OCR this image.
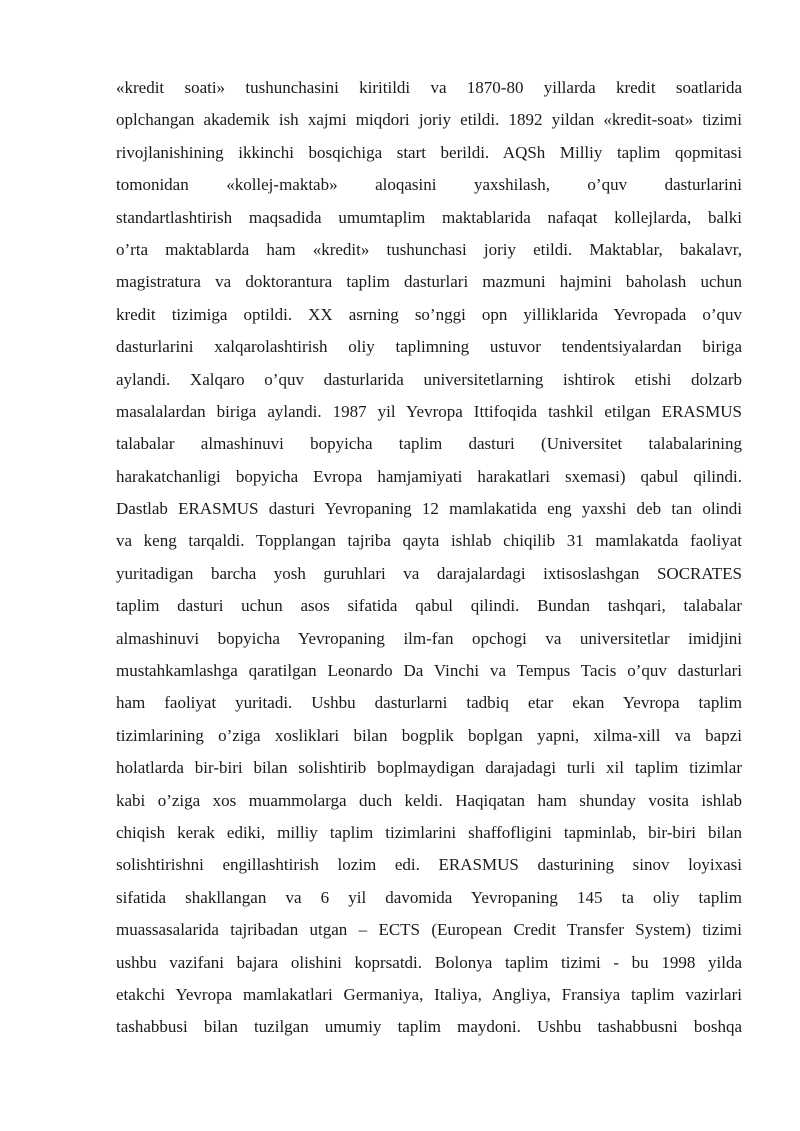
«kredit soati» tushunchasini kiritildi va 1870-80 yillarda kredit soatlarida
oplchangan akademik ish xajmi miqdori joriy etildi. 1892 yildan «kredit-soat» tizimi
rivojlanishining ikkinchi bosqichiga start berildi. AQSh Milliy taplim qopmitasi
tomonidan «kollej-maktab» aloqasini yaxshilash, o’quv dasturlarini
standartlashtirish maqsadida umumtaplim maktablarida nafaqat kollejlarda, balki
o’rta maktablarda ham «kredit» tushunchasi joriy etildi. Maktablar, bakalavr,
magistratura va doktorantura taplim dasturlari mazmuni hajmini baholash uchun
kredit tizimiga optildi. XX asrning so’nggi opn yilliklarida Yevropada o’quv
dasturlarini xalqarolashtirish oliy taplimning ustuvor tendentsiyalardan biriga
aylandi. Xalqaro o’quv dasturlarida universitetlarning ishtirok etishi dolzarb
masalalardan biriga aylandi. 1987 yil Yevropa Ittifoqida tashkil etilgan ERASMUS
talabalar almashinuvi bopyicha taplim dasturi (Universitet talabalarining
harakatchanligi bopyicha Evropa hamjamiyati harakatlari sxemasi) qabul qilindi.
Dastlab ERASMUS dasturi Yevropaning 12 mamlakatida eng yaxshi deb tan olindi
va keng tarqaldi. Topplangan tajriba qayta ishlab chiqilib 31 mamlakatda faoliyat
yuritadigan barcha yosh guruhlari va darajalardagi ixtisoslashgan SOCRATES
taplim dasturi uchun asos sifatida qabul qilindi. Bundan tashqari, talabalar
almashinuvi bopyicha Yevropaning ilm-fan opchogi va universitetlar imidjini
mustahkamlashga qaratilgan Leonardo Da Vinchi va Tempus Tacis o’quv dasturlari
ham faoliyat yuritadi. Ushbu dasturlarni tadbiq etar ekan Yevropa taplim
tizimlarining o’ziga xosliklari bilan bogplik boplgan yapni, xilma-xill va bapzi
holatlarda bir-biri bilan solishtirib boplmaydigan darajadagi turli xil taplim tizimlar
kabi o’ziga xos muammolarga duch keldi. Haqiqatan ham shunday vosita ishlab
chiqish kerak ediki, milliy taplim tizimlarini shaffofligini tapminlab, bir-biri bilan
solishtirishni engillashtirish lozim edi. ERASMUS dasturining sinov loyixasi
sifatida shakllangan va 6 yil davomida Yevropaning 145 ta oliy taplim
muassasalarida tajribadan utgan – ECTS (European Credit Transfer System) tizimi
ushbu vazifani bajara olishini koprsatdi. Bolonya taplim tizimi - bu 1998 yilda
etakchi Yevropa mamlakatlari Germaniya, Italiya, Angliya, Fransiya taplim vazirlari
tashabbusi bilan tuzilgan umumiy taplim maydoni. Ushbu tashabbusni boshqa
